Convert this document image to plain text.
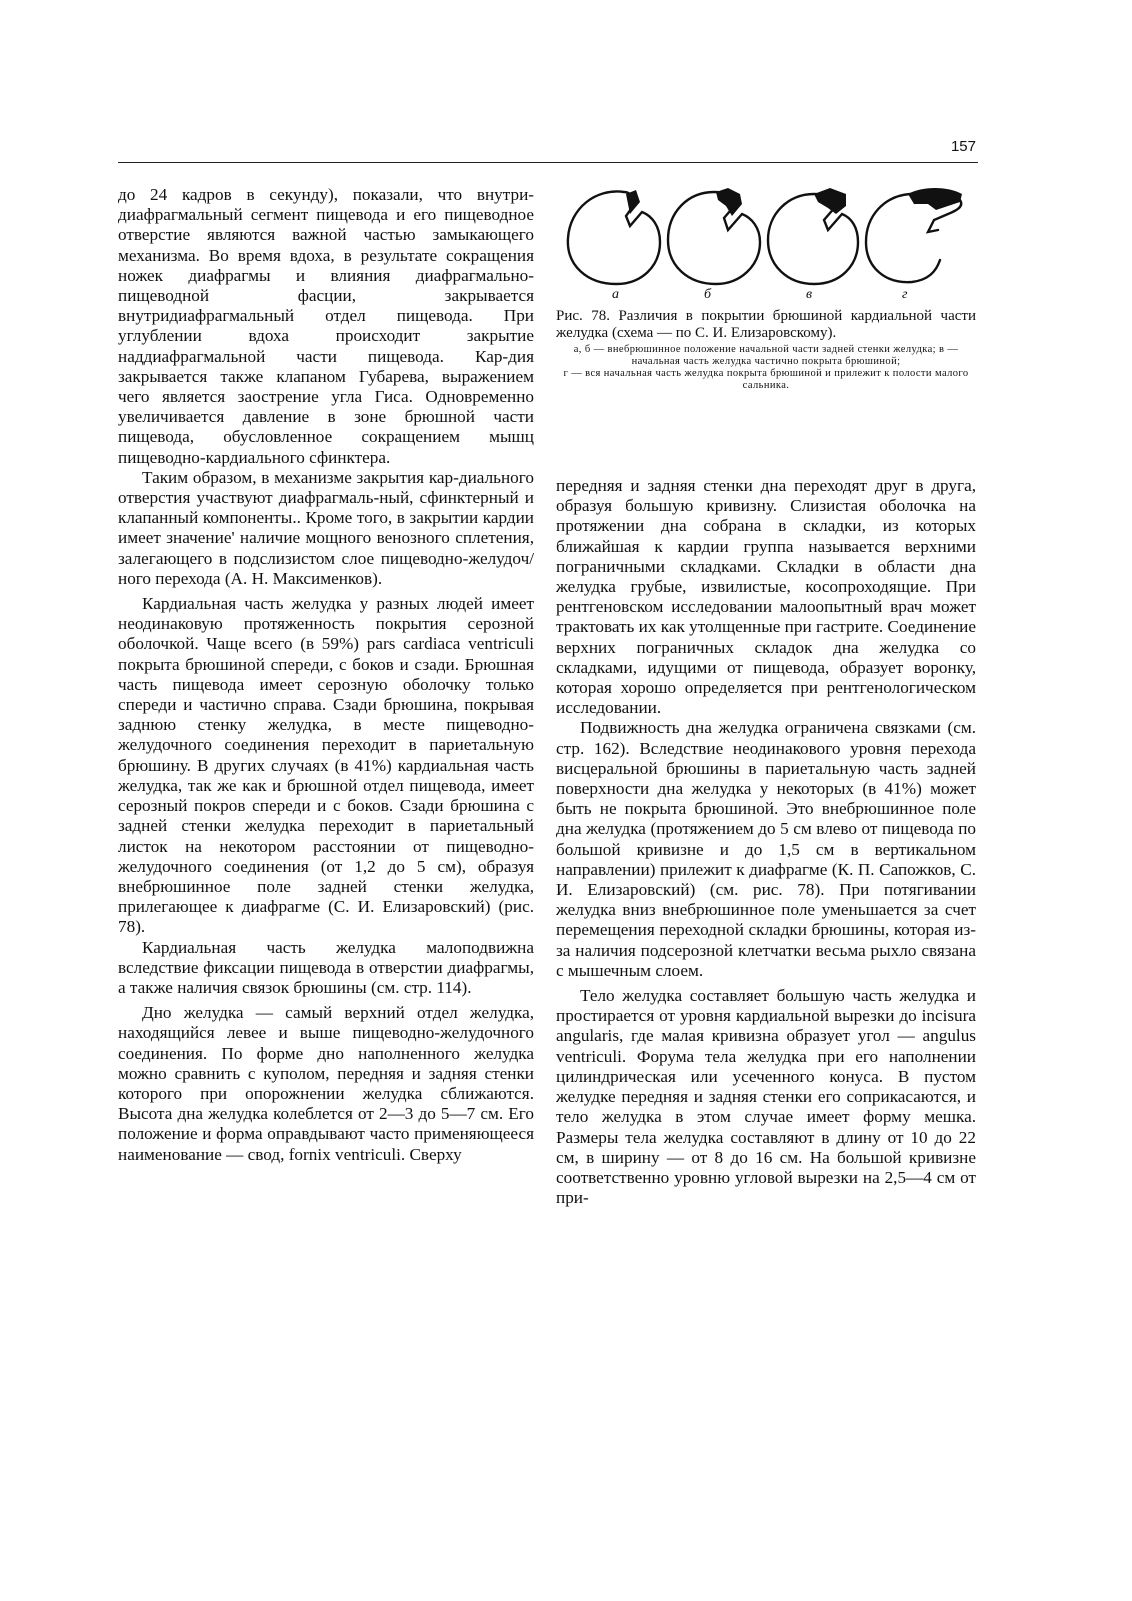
157

до 24 кадров в секунду), показали, что внутри-диафрагмальный сегмент пищевода и его пищеводное отверстие являются важной частью замыкающего механизма. Во время вдоха, в результате сокращения ножек диафрагмы и влияния диафрагмально-пищеводной фасции, закрывается внутридиафрагмальный отдел пищевода. При углублении вдоха происходит закрытие наддиафрагмальной части пищевода. Кар-дия закрывается также клапаном Губарева, выражением чего является заострение угла Гиса. Одновременно увеличивается давление в зоне брюшной части пищевода, обусловленное сокращением мышц пищеводно-кардиального сфинктера.

Таким образом, в механизме закрытия кар-диального отверстия участвуют диафрагмаль-ный, сфинктерный и клапанный компоненты.. Кроме того, в закрытии кардии имеет значение' наличие мощного венозного сплетения, залегающего в подслизистом слое пищеводно-желудоч/ ного перехода (А. Н. Максименков).

Кардиальная часть желудка у разных людей имеет неодинаковую протяженность покрытия серозной оболочкой. Чаще всего (в 59%) pars cardiaca ventriculi покрыта брюшиной спереди, с боков и сзади. Брюшная часть пищевода имеет серозную оболочку только спереди и частично справа. Сзади брюшина, покрывая заднюю стенку желудка, в месте пищеводно-желудочного соединения переходит в париетальную брюшину. В других случаях (в 41%) кардиальная часть желудка, так же как и брюшной отдел пищевода, имеет серозный покров спереди и с боков. Сзади брюшина с задней стенки желудка переходит в париетальный листок на некотором расстоянии от пищеводно-желудочного соединения (от 1,2 до 5 см), образуя внебрюшинное поле задней стенки желудка, прилегающее к диафрагме (С. И. Елизаровский) (рис. 78).

Кардиальная часть желудка малоподвижна вследствие фиксации пищевода в отверстии диафрагмы, а также наличия связок брюшины (см. стр. 114).

Дно желудка — самый верхний отдел желудка, находящийся левее и выше пищеводно-желудочного соединения. По форме дно наполненного желудка можно сравнить с куполом, передняя и задняя стенки которого при опорожнении желудка сближаются. Высота дна желудка колеблется от 2—3 до 5—7 см. Его положение и форма оправдывают часто применяющееся наименование — свод, fornix ventriculi. Сверху

а	б	в	г
Рис. 78. Различия в покрытии брюшиной кардиальной части желудка (схема — по С. И. Елизаровскому).
а, б — внебрюшинное положение начальной части задней стенки желудка; в — начальная часть желудка частично покрыта брюшиной;
г — вся начальная часть желудка покрыта брюшиной и прилежит к полости малого сальника.

передняя и задняя стенки дна переходят друг в друга, образуя большую кривизну. Слизистая оболочка на протяжении дна собрана в складки, из которых ближайшая к кардии группа называется верхними пограничными складками. Складки в области дна желудка грубые, извилистые, косопроходящие. При рентгеновском исследовании малоопытный врач может трактовать их как утолщенные при гастрите. Соединение верхних пограничных складок дна желудка со складками, идущими от пищевода, образует воронку, которая хорошо определяется при рентгенологическом исследовании.

Подвижность дна желудка ограничена связками (см. стр. 162). Вследствие неодинакового уровня перехода висцеральной брюшины в париетальную часть задней поверхности дна желудка у некоторых (в 41%) может быть не покрыта брюшиной. Это внебрюшинное поле дна желудка (протяжением до 5 см влево от пищевода по большой кривизне и до 1,5 см в вертикальном направлении) прилежит к диафрагме (К. П. Сапожков, С. И. Елизаровский) (см. рис. 78). При потягивании желудка вниз внебрюшинное поле уменьшается за счет перемещения переходной складки брюшины, которая из-за наличия подсерозной клетчатки весьма рыхло связана с мышечным слоем.

Тело желудка составляет большую часть желудка и простирается от уровня кардиальной вырезки до incisura angularis, где малая кривизна образует угол — angulus ventriculi. Форума тела желудка при его наполнении цилиндрическая или усеченного конуса. В пустом желудке передняя и задняя стенки его соприкасаются, и тело желудка в этом случае имеет форму мешка. Размеры тела желудка составляют в длину от 10 до 22 см, в ширину — от 8 до 16 см. На большой кривизне соответственно уровню угловой вырезки на 2,5—4 см от при-
